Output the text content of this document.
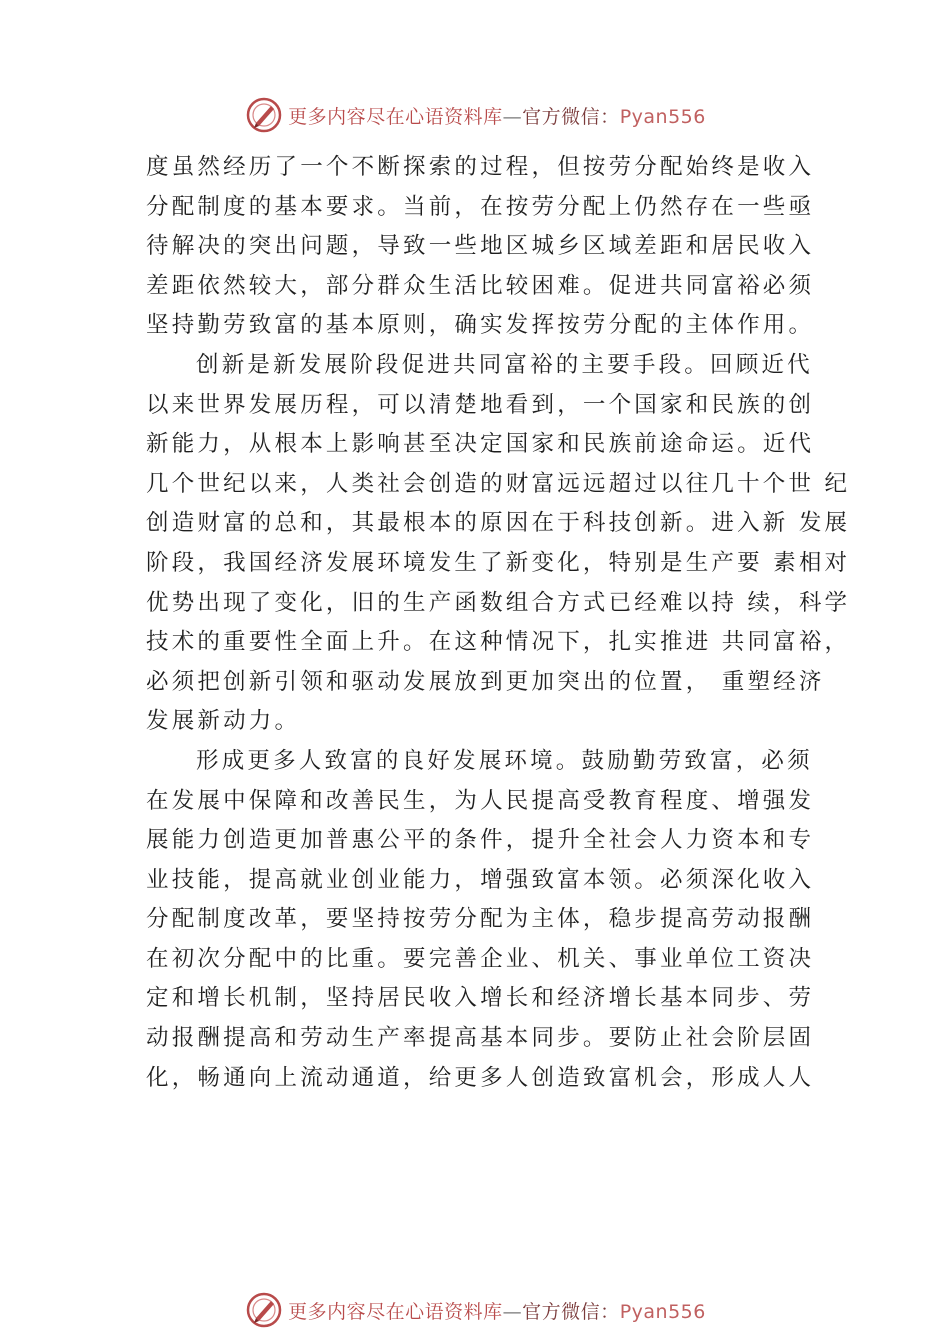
更多内容尽在心语资料库—官方微信：Pyan556
度虽然经历了一个不断探索的过程，但按劳分配始终是收入
分配制度的基本要求。当前，在按劳分配上仍然存在一些亟
待解决的突出问题，导致一些地区城乡区域差距和居民收入
差距依然较大，部分群众生活比较困难。促进共同富裕必须
坚持勤劳致富的基本原则，确实发挥按劳分配的主体作用。
创新是新发展阶段促进共同富裕的主要手段。回顾近代
以来世界发展历程，可以清楚地看到，一个国家和民族的创
新能力，从根本上影响甚至决定国家和民族前途命运。近代
几个世纪以来，人类社会创造的财富远远超过以往几十个世 纪
创造财富的总和，其最根本的原因在于科技创新。进入新 发展
阶段，我国经济发展环境发生了新变化，特别是生产要 素相对
优势出现了变化，旧的生产函数组合方式已经难以持 续，科学
技术的重要性全面上升。在这种情况下，扎实推进 共同富裕，
必须把创新引领和驱动发展放到更加突出的位置， 重塑经济
发展新动力。
形成更多人致富的良好发展环境。鼓励勤劳致富，必须
在发展中保障和改善民生，为人民提高受教育程度、增强发
展能力创造更加普惠公平的条件，提升全社会人力资本和专
业技能，提高就业创业能力，增强致富本领。必须深化收入
分配制度改革，要坚持按劳分配为主体，稳步提高劳动报酬
在初次分配中的比重。要完善企业、机关、事业单位工资决
定和增长机制，坚持居民收入增长和经济增长基本同步、劳
动报酬提高和劳动生产率提高基本同步。要防止社会阶层固
化，畅通向上流动通道，给更多人创造致富机会，形成人人
更多内容尽在心语资料库—官方微信：Pyan556
